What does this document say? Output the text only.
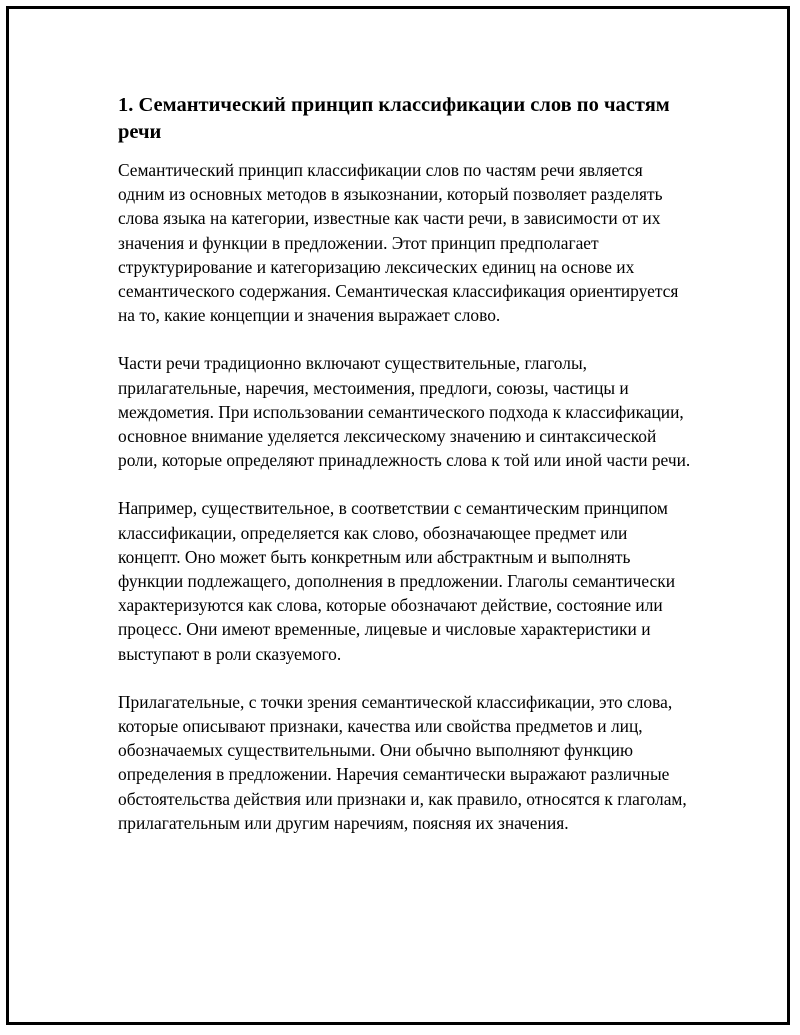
1. Семантический принцип классификации слов по частям речи

Семантический принцип классификации слов по частям речи является одним из основных методов в языкознании, который позволяет разделять слова языка на категории, известные как части речи, в зависимости от их значения и функции в предложении. Этот принцип предполагает структурирование и категоризацию лексических единиц на основе их семантического содержания. Семантическая классификация ориентируется на то, какие концепции и значения выражает слово.

Части речи традиционно включают существительные, глаголы, прилагательные, наречия, местоимения, предлоги, союзы, частицы и междометия. При использовании семантического подхода к классификации, основное внимание уделяется лексическому значению и синтаксической роли, которые определяют принадлежность слова к той или иной части речи.

Например, существительное, в соответствии с семантическим принципом классификации, определяется как слово, обозначающее предмет или концепт. Оно может быть конкретным или абстрактным и выполнять функции подлежащего, дополнения в предложении. Глаголы семантически характеризуются как слова, которые обозначают действие, состояние или процесс. Они имеют временные, лицевые и числовые характеристики и выступают в роли сказуемого.

Прилагательные, с точки зрения семантической классификации, это слова, которые описывают признаки, качества или свойства предметов и лиц, обозначаемых существительными. Они обычно выполняют функцию определения в предложении. Наречия семантически выражают различные обстоятельства действия или признаки и, как правило, относятся к глаголам, прилагательным или другим наречиям, поясняя их значения.
